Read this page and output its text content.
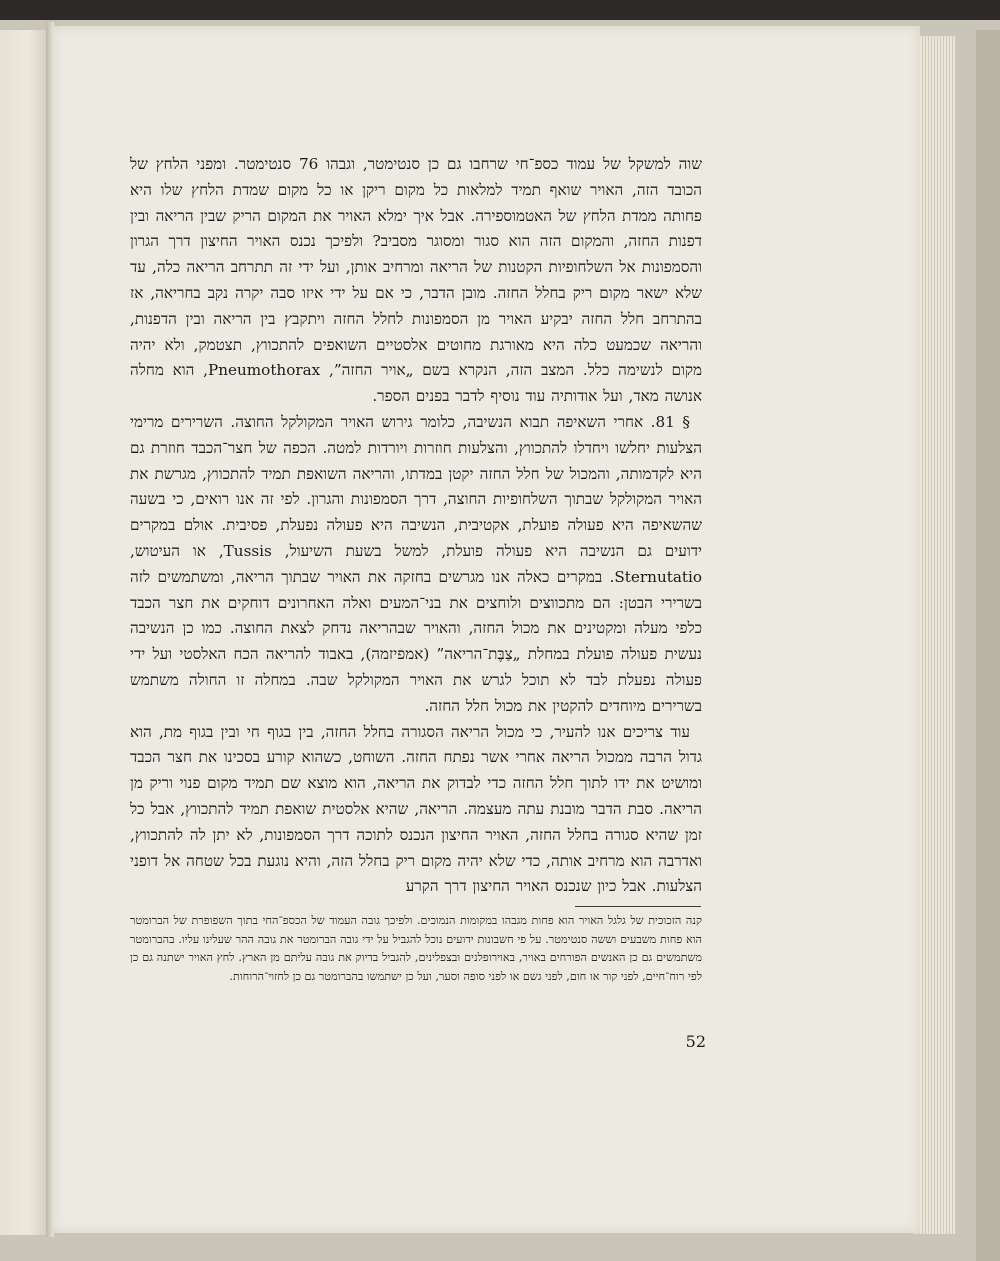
שוה למשקל של עמוד כספ־חי שרחבו גם כן סנטימטר, וגבהו 76 סנטימטר. ומפני הלחץ של הכובד הזה, האויר שואף תמיד למלאות כל מקום ריקן או כל מקום שמדת הלחץ שלו היא פחותה ממדת הלחץ של האטמוספירה. אבל איך ימלא האויר את המקום הריק שבין הריאה ובין דפנות החזה, והמקום הזה הוא סגור ומסוגר מסביב? ולפיכך נכנס האויר החיצון דרך הגרון והסמפונות אל השלחופיות הקטנות של הריאה ומרחיב אותן, ועל ידי זה תתרחב הריאה כלה, עד שלא ישאר מקום ריק בחלל החזה. מובן הדבר, כי אם על ידי איזו סבה יקרה נקב בחריאה, אז בהתרחב חלל החזה יבקיע האויר מן הסמפונות לחלל החזה ויתקבץ בין הריאה ובין הדפנות, והריאה שכמעט כלה היא מאורגת מחוטים אלסטיים השואפים להתכווץ, תצטמק, ולא יהיה מקום לנשימה כלל. המצב הזה, הנקרא בשם „אויר החזה”, Pneumothorax, הוא מחלה אנושה מאד, ועל אודותיה עוד נוסיף לדבר בפנים הספר.

§ 81. אחרי השאיפה תבוא הנשיבה, כלומר גירוש האויר המקולקל החוצה. השרירים מרימי הצלעות יחלשו ויחדלו להתכווץ, והצלעות חוזרות ויורדות למטה. הכפה של חצר־הכבד חוזרת גם היא לקדמותה, והמכול של חלל החזה יקטן במדתו, והריאה השואפת תמיד להתכווץ, מגרשת את האויר המקולקל שבתוך השלחופיות החוצה, דרך הסמפונות והגרון. לפי זה אנו רואים, כי בשעה שהשאיפה היא פעולה פועלת, אקטיבית, הנשיבה היא פעולה נפעלת, פסיבית. אולם במקרים ידועים גם הנשיבה היא פעולה פועלת, למשל בשעת השיעול, Tussis, או העיטוש, Sternutatio. במקרים כאלה אנו מגרשים בחזקה את האויר שבתוך הריאה, ומשתמשים לזה בשרירי הבטן: הם מתכווצים ולוחצים את בני־המעים ואלה האחרונים דוחקים את חצר הכבד כלפי מעלה ומקטינים את מכול החזה, והאויר שבהריאה נדחק לצאת החוצה. כמו כן הנשיבה נעשית פעולה פועלת במחלת „צַבֶּת־הריאה” (אמפיזמה), באבוד להריאה הכח האלסטי ועל ידי פעולה נפעלת לבד לא תוכל לגרש את האויר המקולקל שבה. במחלה זו החולה משתמש בשרירים מיוחדים להקטין את מכול חלל החזה.

עוד צריכים אנו להעיר, כי מכול הריאה הסגורה בחלל החזה, בין בגוף חי ובין בגוף מת, הוא גדול הרבה ממכול הריאה אחרי אשר נפתח החזה. השוחט, כשהוא קורע בסכינו את חצר הכבד ומושיט את ידו לתוך חלל החזה כדי לבדוק את הריאה, הוא מוצא שם תמיד מקום פנוי וריק מן הריאה. סבת הדבר מובנת עתה מעצמה. הריאה, שהיא אלסטית שואפת תמיד להתכווץ, אבל כל זמן שהיא סגורה בחלל החזה, האויר החיצון הנכנס לתוכה דרך הסמפונות, לא יתן לה להתכווץ, ואדרבה הוא מרחיב אותה, כדי שלא יהיה מקום ריק בחלל הזה, והיא נוגעת בכל שטחה אל דופני הצלעות. אבל כיון שנכנס האויר החיצון דרך הקרע

קנה הזכוכית של גלגל האויר הוא פחות מגבהו במקומות הנמוכים. ולפיכך גובה העמוד של הכספ־החי בתוך השפופרת של הברומטר הוא פחות משבעים וששה סנטימטר. על פי חשבונות ידועים נוכל להגביל על ידי גובה הברומטר את גובה ההר שעלינו עליו. בהברומטר משתמשים גם כן האנשים הפורחים באויר, באוירופלנים ובצפלינים, להגביל בדיוק את גובה עליתם מן הארץ. לחץ האויר ישתנה גם כן לפי רוח־חיים, לפני קור או חום, לפני גשם או לפני סופה וסער, ועל כן ישתמשו בהברומטר גם כן לחזוי־הרוחות.
52
